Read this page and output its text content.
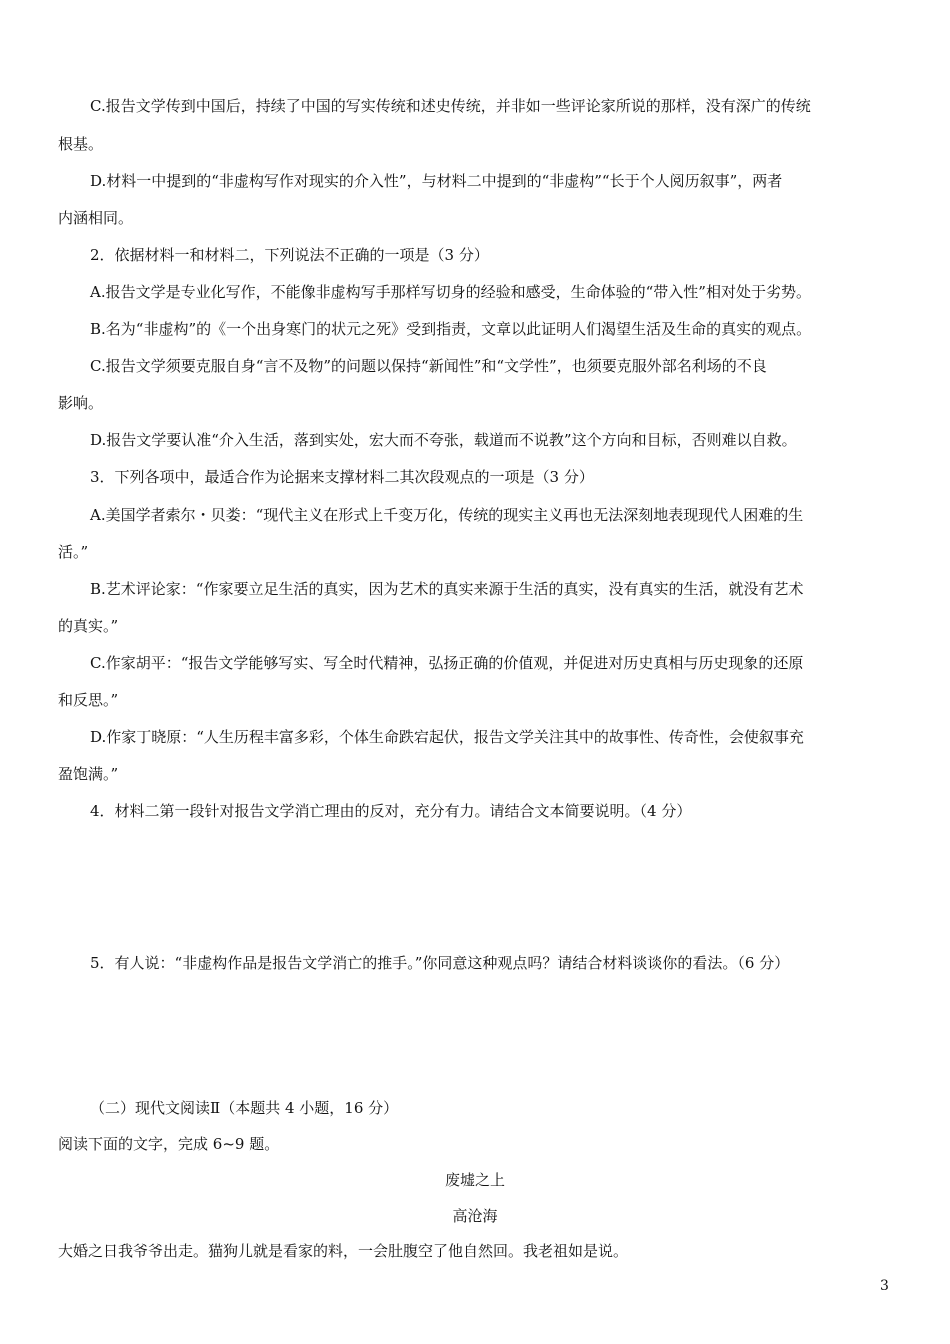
C.报告文学传到中国后，持续了中国的写实传统和述史传统，并非如一些评论家所说的那样，没有深广的传统
根基。
D.材料一中提到的“非虚构写作对现实的介入性”，与材料二中提到的“非虚构”“长于个人阅历叙事”，两者
内涵相同。
2．依据材料一和材料二，下列说法不正确的一项是（3 分）
A.报告文学是专业化写作，不能像非虚构写手那样写切身的经验和感受，生命体验的“带入性”相对处于劣势。
B.名为“非虚构”的《一个出身寒门的状元之死》受到指责，文章以此证明人们渴望生活及生命的真实的观点。
C.报告文学须要克服自身“言不及物”的问题以保持“新闻性”和“文学性”，也须要克服外部名利场的不良
影响。
D.报告文学要认准“介入生活，落到实处，宏大而不夸张，载道而不说教”这个方向和目标，否则难以自救。
3．下列各项中，最适合作为论据来支撑材料二其次段观点的一项是（3 分）
A.美国学者索尔・贝娄：“现代主义在形式上千变万化，传统的现实主义再也无法深刻地表现现代人困难的生
活。”
B.艺术评论家：“作家要立足生活的真实，因为艺术的真实来源于生活的真实，没有真实的生活，就没有艺术
的真实。”
C.作家胡平：“报告文学能够写实、写全时代精神，弘扬正确的价值观，并促进对历史真相与历史现象的还原
和反思。”
D.作家丁晓原：“人生历程丰富多彩，个体生命跌宕起伏，报告文学关注其中的故事性、传奇性，会使叙事充
盈饱满。”
4．材料二第一段针对报告文学消亡理由的反对，充分有力。请结合文本简要说明。（4 分）
5．有人说：“非虚构作品是报告文学消亡的推手。”你同意这种观点吗？请结合材料谈谈你的看法。（6 分）
（二）现代文阅读Ⅱ（本题共 4 小题，16 分）
阅读下面的文字，完成 6~9 题。
废墟之上
高沧海
大婚之日我爷爷出走。猫狗儿就是看家的料，一会肚腹空了他自然回。我老祖如是说。
3
